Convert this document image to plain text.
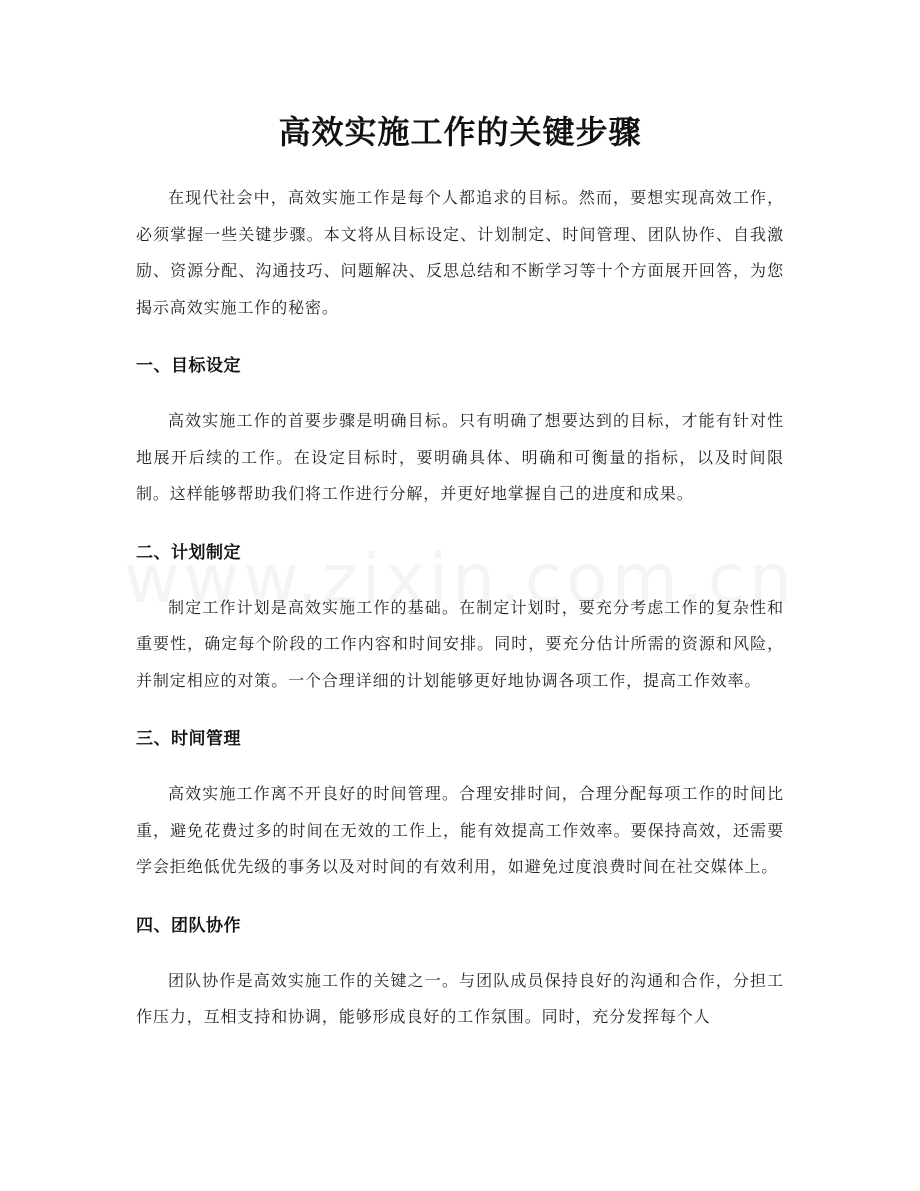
高效实施工作的关键步骤

在现代社会中，高效实施工作是每个人都追求的目标。然而，要想实现高效工作，必须掌握一些关键步骤。本文将从目标设定、计划制定、时间管理、团队协作、自我激励、资源分配、沟通技巧、问题解决、反思总结和不断学习等十个方面展开回答，为您揭示高效实施工作的秘密。

一、目标设定

高效实施工作的首要步骤是明确目标。只有明确了想要达到的目标，才能有针对性地展开后续的工作。在设定目标时，要明确具体、明确和可衡量的指标，以及时间限制。这样能够帮助我们将工作进行分解，并更好地掌握自己的进度和成果。

二、计划制定

制定工作计划是高效实施工作的基础。在制定计划时，要充分考虑工作的复杂性和重要性，确定每个阶段的工作内容和时间安排。同时，要充分估计所需的资源和风险，并制定相应的对策。一个合理详细的计划能够更好地协调各项工作，提高工作效率。

三、时间管理

高效实施工作离不开良好的时间管理。合理安排时间，合理分配每项工作的时间比重，避免花费过多的时间在无效的工作上，能有效提高工作效率。要保持高效，还需要学会拒绝低优先级的事务以及对时间的有效利用，如避免过度浪费时间在社交媒体上。

四、团队协作

团队协作是高效实施工作的关键之一。与团队成员保持良好的沟通和合作，分担工作压力，互相支持和协调，能够形成良好的工作氛围。同时，充分发挥每个人
